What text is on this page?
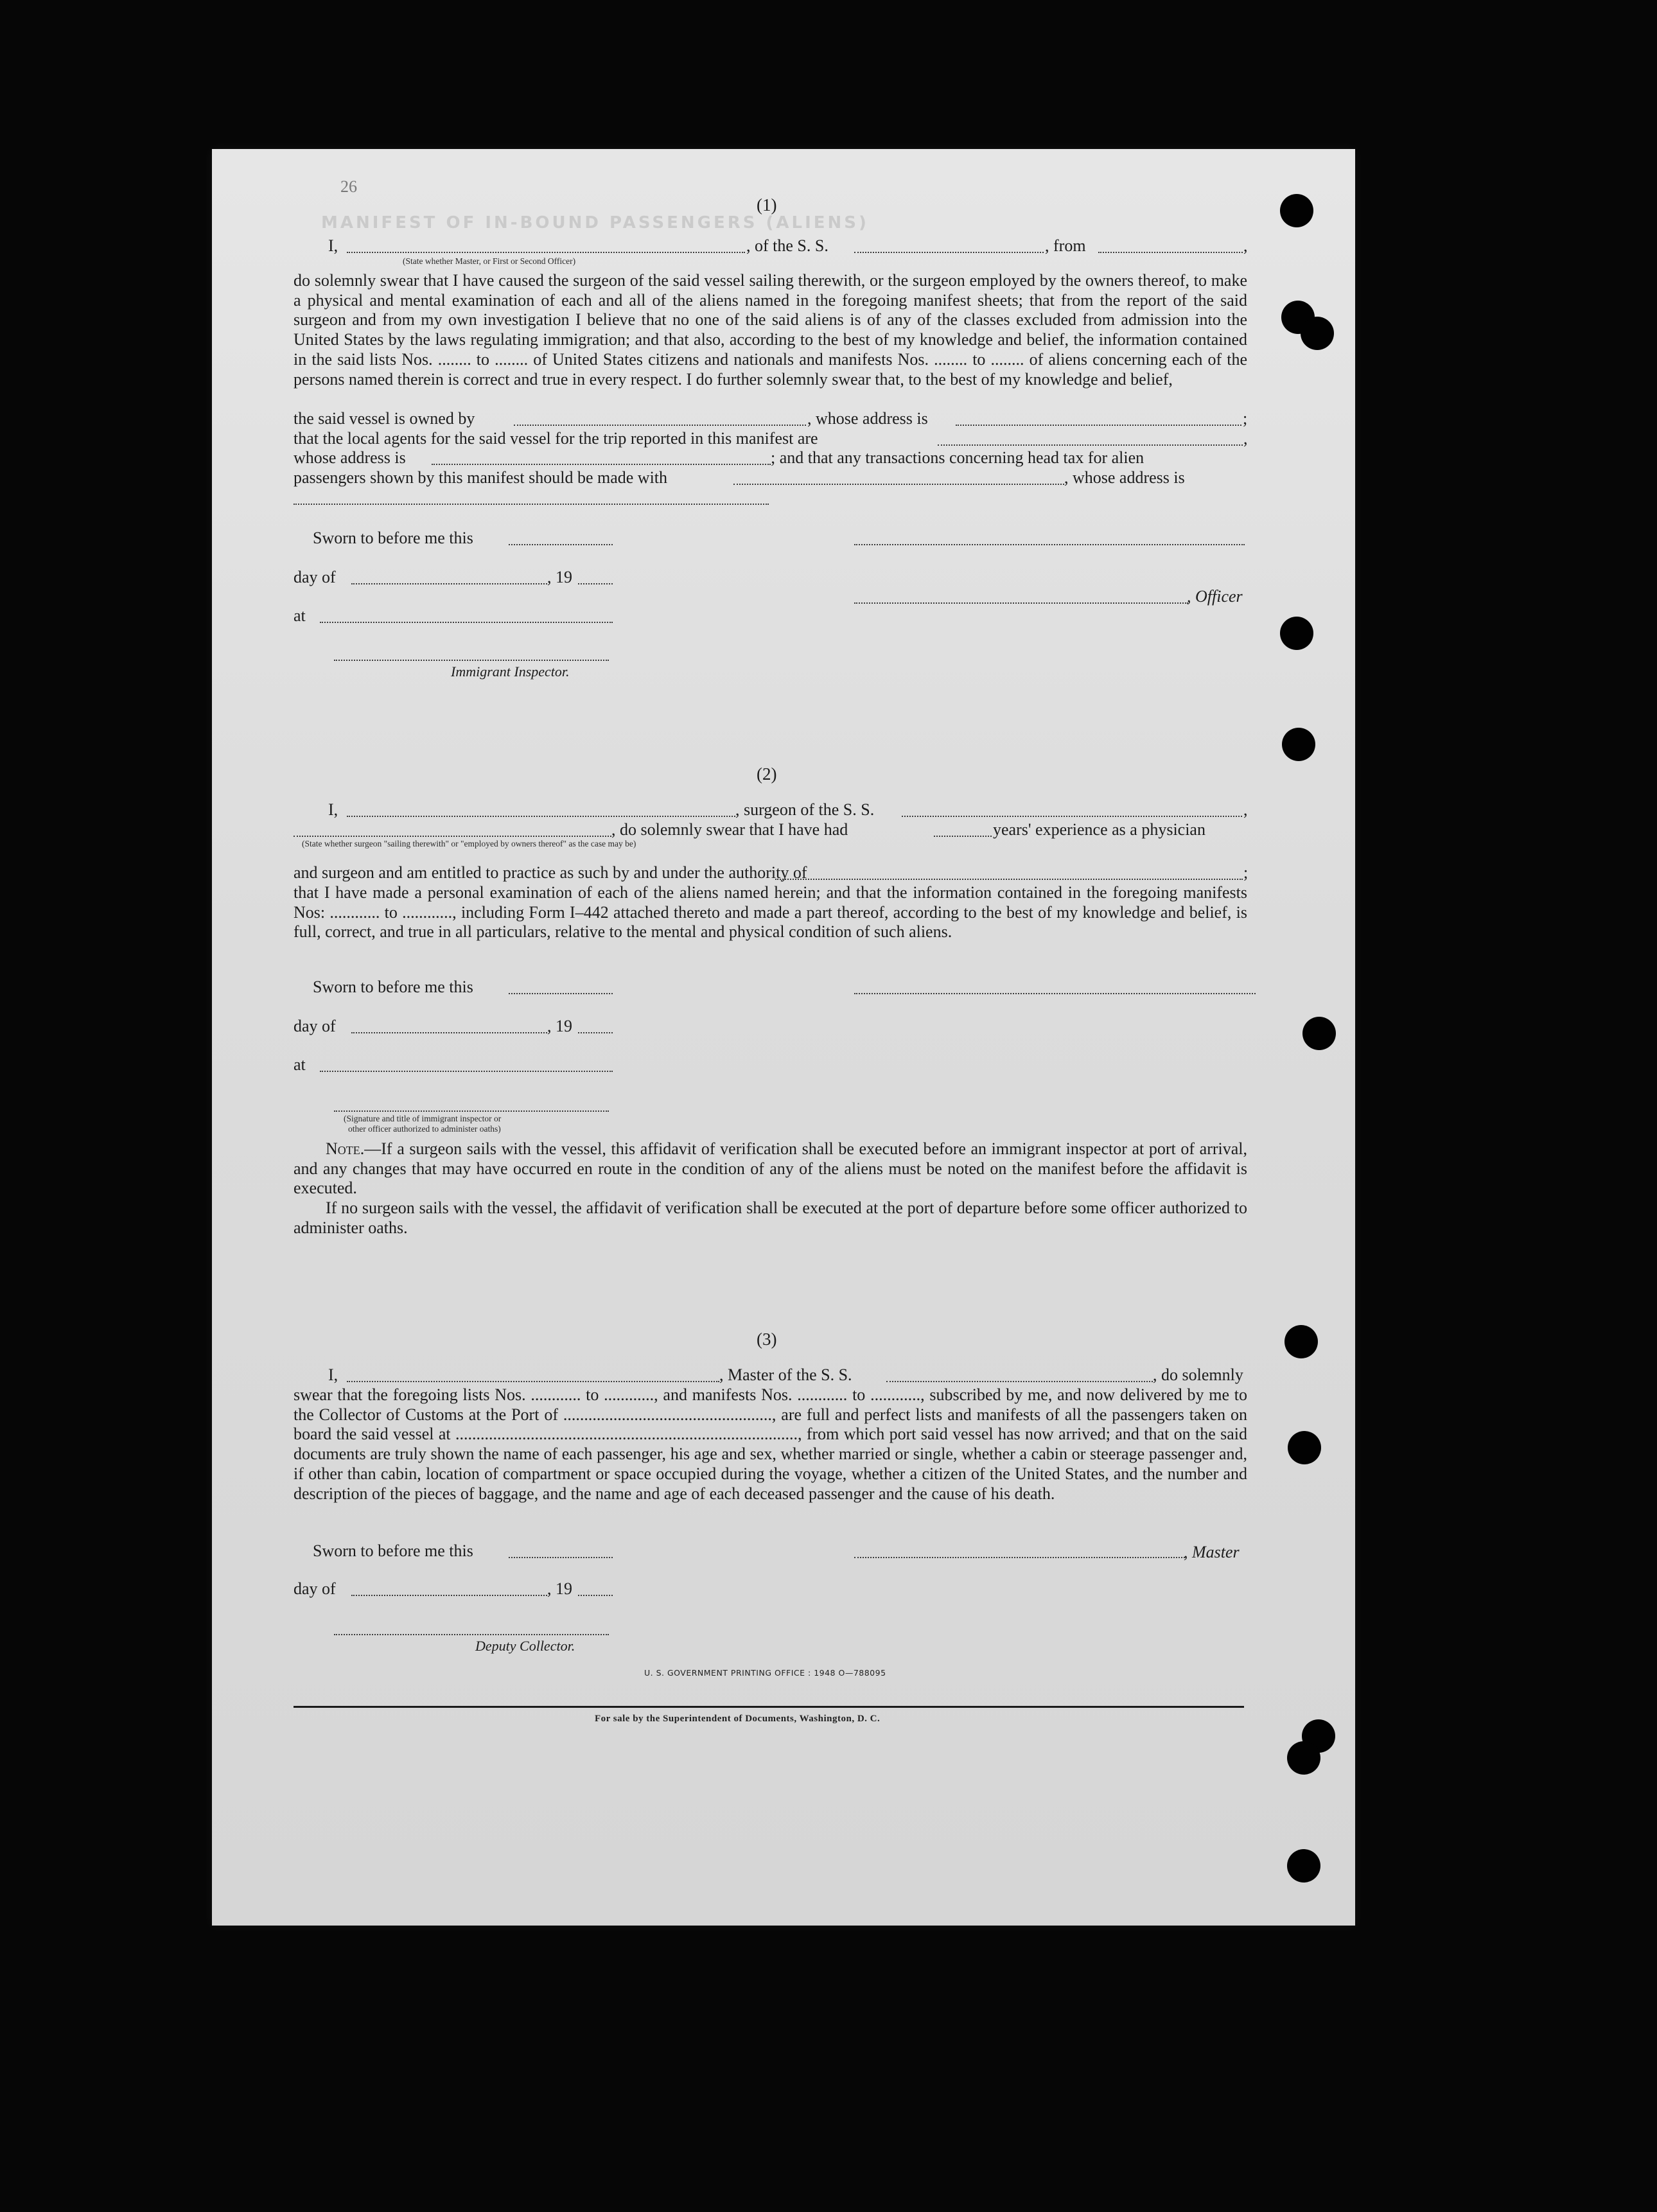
MANIFEST OF IN-BOUND PASSENGERS (ALIENS)
26
(1)
I,	, of the S. S.	, from	,
(State whether Master, or First or Second Officer)
do solemnly swear that I have caused the surgeon of the said vessel sailing therewith, or the surgeon employed by the owners thereof, to make a physical and mental examination of each and all of the aliens named in the foregoing manifest sheets; that from the report of the said surgeon and from my own investigation I believe that no one of the said aliens is of any of the classes excluded from admission into the United States by the laws regulating immigration; and that also, according to the best of my knowledge and belief, the information contained in the said lists Nos. ........ to ........ of United States citizens and nationals and manifests Nos. ........ to ........ of aliens concerning each of the persons named therein is correct and true in every respect. I do further solemnly swear that, to the best of my knowledge and belief,
the said vessel is owned by	, whose address is	;
that the local agents for the said vessel for the trip reported in this manifest are	,
whose address is	; and that any transactions concerning head tax for alien
passengers shown by this manifest should be made with	, whose address is
Sworn to before me this
day of	, 19
, Officer
at
Immigrant Inspector.
(2)
I,	, surgeon of the S. S.	,
, do solemnly swear that I have had	years' experience as a physician
(State whether surgeon "sailing therewith" or "employed by owners thereof" as the case may be)
and surgeon and am entitled to practice as such by and under the authority of	;
that I have made a personal examination of each of the aliens named herein; and that the information contained in the foregoing manifests Nos: ............ to ............, including Form I–442 attached thereto and made a part thereof, according to the best of my knowledge and belief, is full, correct, and true in all particulars, relative to the mental and physical condition of such aliens.
Sworn to before me this
day of	, 19
at
(Signature and title of immigrant inspector or
other officer authorized to administer oaths)
Note.—If a surgeon sails with the vessel, this affidavit of verification shall be executed before an immigrant inspector at port of arrival, and any changes that may have occurred en route in the condition of any of the aliens must be noted on the manifest before the affidavit is executed.
If no surgeon sails with the vessel, the affidavit of verification shall be executed at the port of departure before some officer authorized to administer oaths.
(3)
I,	, Master of the S. S.	, do solemnly
swear that the foregoing lists Nos. ............ to ............, and manifests Nos. ............ to ............, subscribed by me, and now delivered by me to the Collector of Customs at the Port of .................................................., are full and perfect lists and manifests of all the passengers taken on board the said vessel at .................................................................................., from which port said vessel has now arrived; and that on the said documents are truly shown the name of each passenger, his age and sex, whether married or single, whether a cabin or steerage passenger and, if other than cabin, location of compartment or space occupied during the voyage, whether a citizen of the United States, and the number and description of the pieces of baggage, and the name and age of each deceased passenger and the cause of his death.
Sworn to before me this	, Master
day of	, 19
Deputy Collector.
U. S. GOVERNMENT PRINTING OFFICE : 1948 O—788095
For sale by the Superintendent of Documents, Washington, D. C.
